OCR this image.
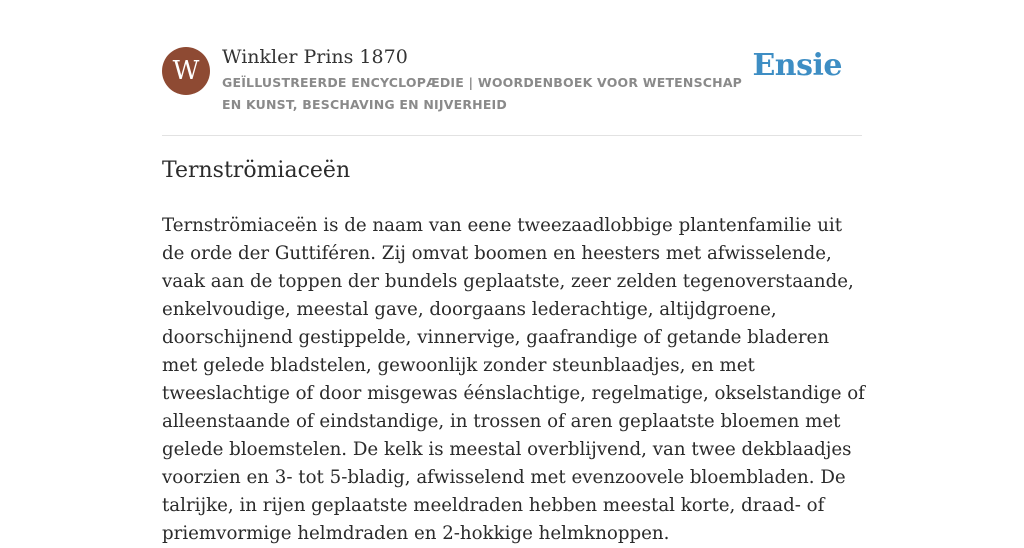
W	Winkler Prins 1870
GEÏLLUSTREERDE ENCYCLOPÆDIE | WOORDENBOEK VOOR WETENSCHAP EN KUNST, BESCHAVING EN NIJVERHEID
Ensie
Ternströmiaceën

Ternströmiaceën is de naam van eene tweezaadlobbige plantenfamilie uit de orde der Guttiféren. Zij omvat boomen en heesters met afwisselende, vaak aan de toppen der bundels geplaatste, zeer zelden tegenoverstaande, enkelvoudige, meestal gave, doorgaans lederachtige, altijdgroene, doorschijnend gestippelde, vinnervige, gaafrandige of getande bladeren met gelede bladstelen, gewoonlijk zonder steunblaadjes, en met tweeslachtige of door misgewas éénslachtige, regelmatige, okselstandige of alleenstaande of eindstandige, in trossen of aren geplaatste bloemen met gelede bloemstelen. De kelk is meestal overblijvend, van twee dekblaadjes voorzien en 3- tot 5-bladig, afwisselend met evenzoovele bloembladen. De talrijke, in rijen geplaatste meeldraden hebben meestal korte, draad- of priemvormige helmdraden en 2-hokkige helmknoppen.
